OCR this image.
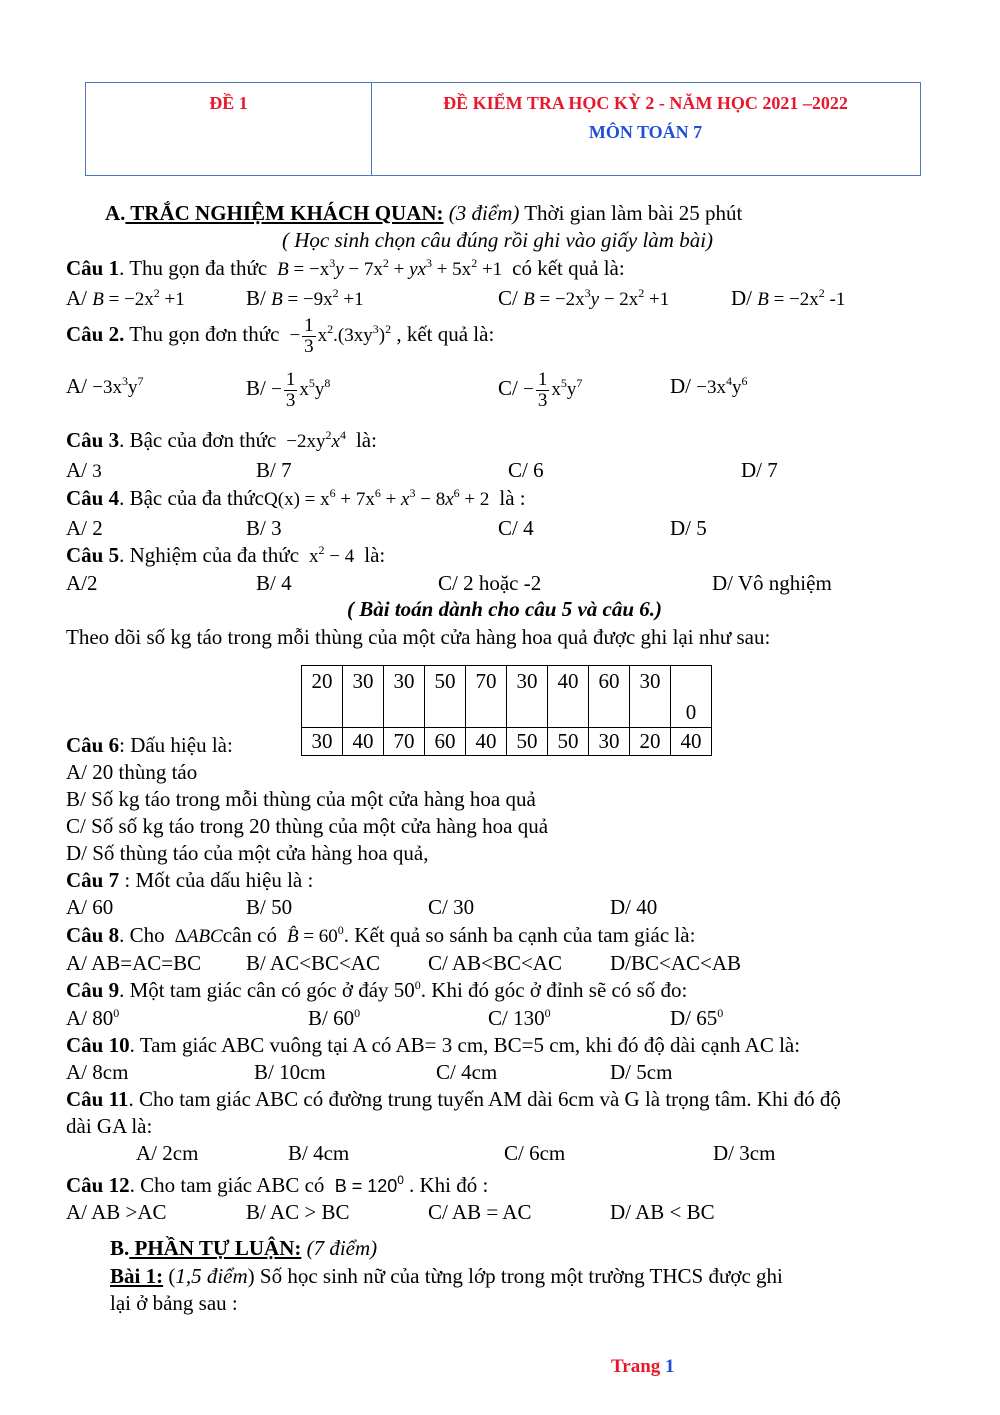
ĐỀ 1	ĐỀ KIỂM TRA HỌC KỲ 2 - NĂM HỌC 2021 –2022
MÔN TOÁN 7
A. TRẮC NGHIỆM KHÁCH QUAN: (3 điểm) Thời gian làm bài 25 phút
( Học sinh chọn câu đúng rồi ghi vào giấy làm bài)
Câu 1. Thu gọn đa thức $B = -x^3y - 7x^2 + yx^3 + 5x^2 +1$  có kết quả là:
A/ $B = -2x^2 +1$	B/ $B = -9x^2 +1$	C/ $B = -2x^3y - 2x^2 +1$	D/ $B = -2x^2$ -1
Câu 2. Thu gọn đơn thức  − $\frac{1}{3} x^2.(3xy^3)^2$ , kết quả là:
$A/ -3x^3y^7$	$B/ - \frac{1}{3} x^5y^8$	$C/ - \frac{1}{3} x^5y^7$	$D/ -3x^4y^6$
Câu 3. Bậc của đơn thức  $-2xy^2x^4$ là:
A/ 3	B/ 7	C/ 6	D/ 7
Câu 4. Bậc của đa thứcQ(x) = $x^6 + 7x^6 + x^3 - 8x^6 + 2$  là :
A/ 2	B/ 3	C/ 4	D/ 5
Câu 5. Nghiệm của đa thức  $x^2 - 4$  là:
A/2	B/ 4	C/ 2 hoặc -2	D/ Vô nghiệm
( Bài toán dành cho câu 5 và câu 6.)
Theo dõi số kg táo trong mỗi thùng của một cửa hàng hoa quả được ghi lại như sau:
20	30	30	50	70	30	40	60	30	0

30	40	70	60	40	50	50	30	20	40
Câu 6: Dấu hiệu là:
A/ 20 thùng táo
B/ Số kg táo trong mỗi thùng của một cửa hàng hoa quả
C/ Số số kg táo trong 20 thùng của một cửa hàng hoa quả
D/ Số thùng táo của một cửa hàng hoa quả,
Câu 7 : Mốt của dấu hiệu là :
A/ 60	B/ 50	C/ 30	D/ 40
Câu 8. Cho  ΔABCcân có B̂ = $60^0$. Kết quả so sánh ba cạnh của tam giác là:
A/ AB=AC=BC B/ AC<BC<AC C/ AB<BC<AC D/BC<AC<AB
Câu 9. Một tam giác cân có góc ở đáy $50^0$. Khi đó góc ở đỉnh sẽ có số đo:
A/ $80^0$	B/ $60^0$	C/ $130^0$	D/ $65^0$
Câu 10. Tam giác ABC vuông tại A có AB= 3 cm, BC=5 cm, khi đó độ dài cạnh AC là:
A/ 8cm	B/ 10cm	C/ 4cm	D/ 5cm
Câu 11. Cho tam giác ABC có đường trung tuyến AM dài 6cm và G là trọng tâm. Khi đó độ
dài GA là:
A/ 2cm	B/ 4cm	C/ 6cm	D/ 3cm
Câu 12. Cho tam giác ABC có  $B = 120^0$ . Khi đó :
A/ AB >AC	B/ AC > BC	C/ AB = AC	D/ AB < BC
B. PHẦN TỰ LUẬN: (7 điểm)
Bài 1: (1,5 điểm) Số học sinh nữ của từng lớp trong một trường THCS được ghi
lại ở bảng sau :
Trang 1
